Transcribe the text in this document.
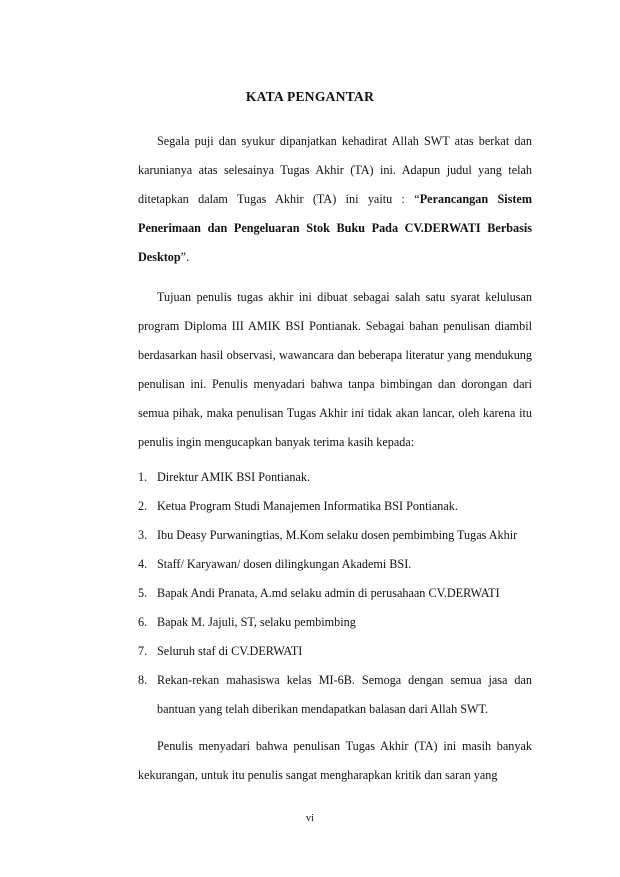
KATA PENGANTAR

Segala puji dan syukur dipanjatkan kehadirat Allah SWT atas berkat dan karunianya atas selesainya Tugas Akhir (TA) ini. Adapun judul yang telah ditetapkan dalam Tugas Akhir (TA) ini yaitu : “Perancangan Sistem Penerimaan dan Pengeluaran Stok Buku Pada CV.DERWATI Berbasis Desktop”.

Tujuan penulis tugas akhir ini dibuat sebagai salah satu syarat kelulusan program Diploma III AMIK BSI Pontianak. Sebagai bahan penulisan diambil berdasarkan hasil observasi, wawancara dan beberapa literatur yang mendukung penulisan ini. Penulis menyadari bahwa tanpa bimbingan dan dorongan dari semua pihak, maka penulisan Tugas Akhir ini tidak akan lancar, oleh karena itu penulis ingin mengucapkan banyak terima kasih kepada:

1. Direktur AMIK BSI Pontianak.
2. Ketua Program Studi Manajemen Informatika BSI Pontianak.
3. Ibu Deasy Purwaningtias, M.Kom selaku dosen pembimbing Tugas Akhir
4. Staff/ Karyawan/ dosen dilingkungan Akademi BSI.
5. Bapak Andi Pranata, A.md selaku admin di perusahaan CV.DERWATI
6. Bapak M. Jajuli, ST, selaku pembimbing
7. Seluruh staf di CV.DERWATI
8. Rekan-rekan mahasiswa kelas MI-6B. Semoga dengan semua jasa dan bantuan yang telah diberikan mendapatkan balasan dari Allah SWT.

Penulis menyadari bahwa penulisan Tugas Akhir (TA) ini masih banyak kekurangan, untuk itu penulis sangat mengharapkan kritik dan saran yang

vi
